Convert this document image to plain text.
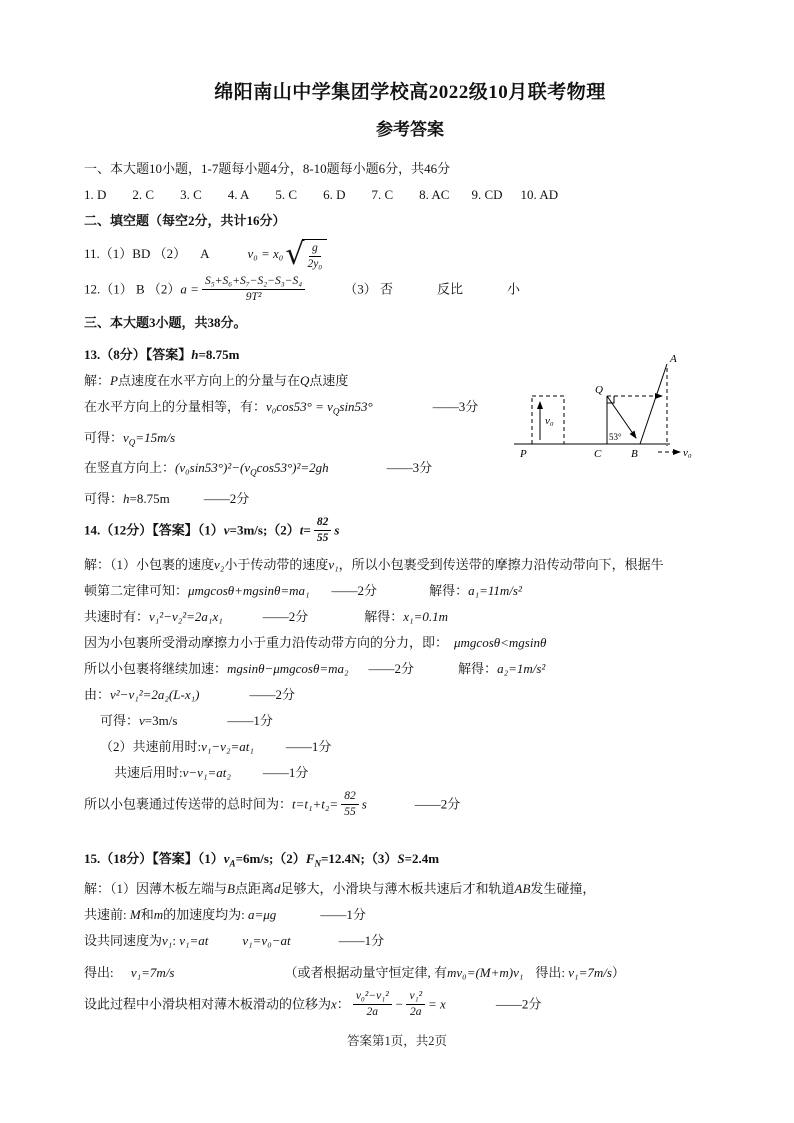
绵阳南山中学集团学校高2022级10月联考物理
参考答案
一、本大题10小题，1-7题每小题4分，8-10题每小题6分，共46分
1. D 2. C 3. C 4. A 5. C 6. D 7. C 8. AC 9. CD 10. AD
二、填空题（每空2分，共计16分）
11.（1）BD （2） A	v₀ = x₀ √ $\frac{g}{\text{2y₀}}$
12.（1） B $(2)a = \frac{\text{S₅+S₆+S₇−S₂−S₃−S₄}}{\text{9T²}}$	（3） 否	反比	小
三、本大题3小题，共38分。
13.（8分）【答案】h=8.75m
解：P点速度在水平方向上的分量与在Q点速度
在水平方向上的分量相等，有：$v_0\cos 53^\circ = v_Q\sin 53^\circ$	——3分
可得：$v_Q=15m/s$
在竖直方向上：$(v_0\sin 53^\circ)^2-(v_Q\cos 53^\circ)^2=2gh$	——3分
可得：h=8.75m	——2分
14.（12分）【答案】（1）v=3m/s;（2）t= $\frac{82}{55}$ s
解：（1）小包裹的速度v₂小于传动带的速度v₁，所以小包裹受到传送带的摩擦力沿传动带向下，根据牛
顿第二定律可知：μmgcosθ+mgsinθ=ma₁ ——2分	解得：a₁=11m/s²
共速时有：v₁²−v₂²=2a₁x₁	——2分	解得：x₁=0.1m
因为小包裹所受滑动摩擦力小于重力沿传动带方向的分力，即： μmgcosθ<mgsinθ
所以小包裹将继续加速：mgsinθ−μmgcosθ=ma₂ ——2分	解得：a₂=1m/s²
由：v²−v₁²=2a₂(L-x₁)	——2分
可得：v=3m/s	——1分
（2）共速前用时:v₁−v₂=at₁ ——1分
共速后用时:v−v₁=at₂ ——1分
所以小包裹通过传送带的总时间为：$t=t_1+t_2= \frac{82}{55}$ s	——2分
15.（18分）【答案】$(1)v_A=6m/s;(2)F_N=12.4N;(3)S=2.4m$
解：（1）因薄木板左端与B点距离d足够大，小滑块与薄木板共速后才和轨道AB发生碰撞，
共速前: M和m的加速度均为: a=μg	——1分
设共同速度为v₁: v₁=at	v₁=v₀−at	——1分
得出: v₁=7m/s	（或者根据动量守恒定律, 有mv₀=(M+m)v₁ 得出: v₁=7m/s）
设此过程中小滑块相对薄木板滑动的位移为x： $\frac{\text{v₀²−v₁²}}{2a} - \frac{\text{v₁²}}{2a} = x$	——2分
v₀
P
Q
53°
C	B
A
v₀
答案第1页，共2页
